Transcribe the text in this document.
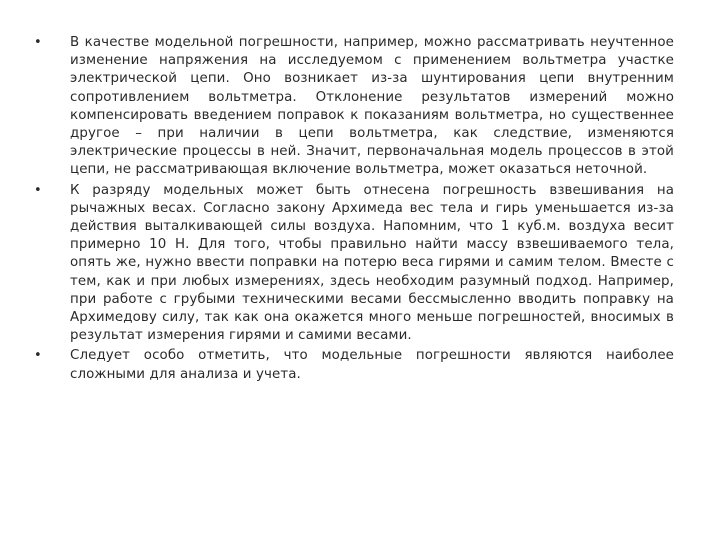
• В качестве модельной погрешности, например, можно рассматривать неучтенное изменение напряжения на исследуемом с применением вольтметра участке электрической цепи. Оно возникает из-за шунтирования цепи внутренним сопротивлением вольтметра. Отклонение результатов измерений можно компенсировать введением поправок к показаниям вольтметра, но существеннее другое – при наличии в цепи вольтметра, как следствие, изменяются электрические процессы в ней. Значит, первоначальная модель процессов в этой цепи, не рассматривающая включение вольтметра, может оказаться неточной.
• К разряду модельных может быть отнесена погрешность взвешивания на рычажных весах. Согласно закону Архимеда вес тела и гирь уменьшается из-за действия выталкивающей силы воздуха. Напомним, что 1 куб.м. воздуха весит примерно 10 Н. Для того, чтобы правильно найти массу взвешиваемого тела, опять же, нужно ввести поправки на потерю веса гирями и самим телом. Вместе с тем, как и при любых измерениях, здесь необходим разумный подход. Например, при работе с грубыми техническими весами бессмысленно вводить поправку на Архимедову силу, так как она окажется много меньше погрешностей, вносимых в результат измерения гирями и самими весами.
• Следует особо отметить, что модельные погрешности являются наиболее сложными для анализа и учета.
